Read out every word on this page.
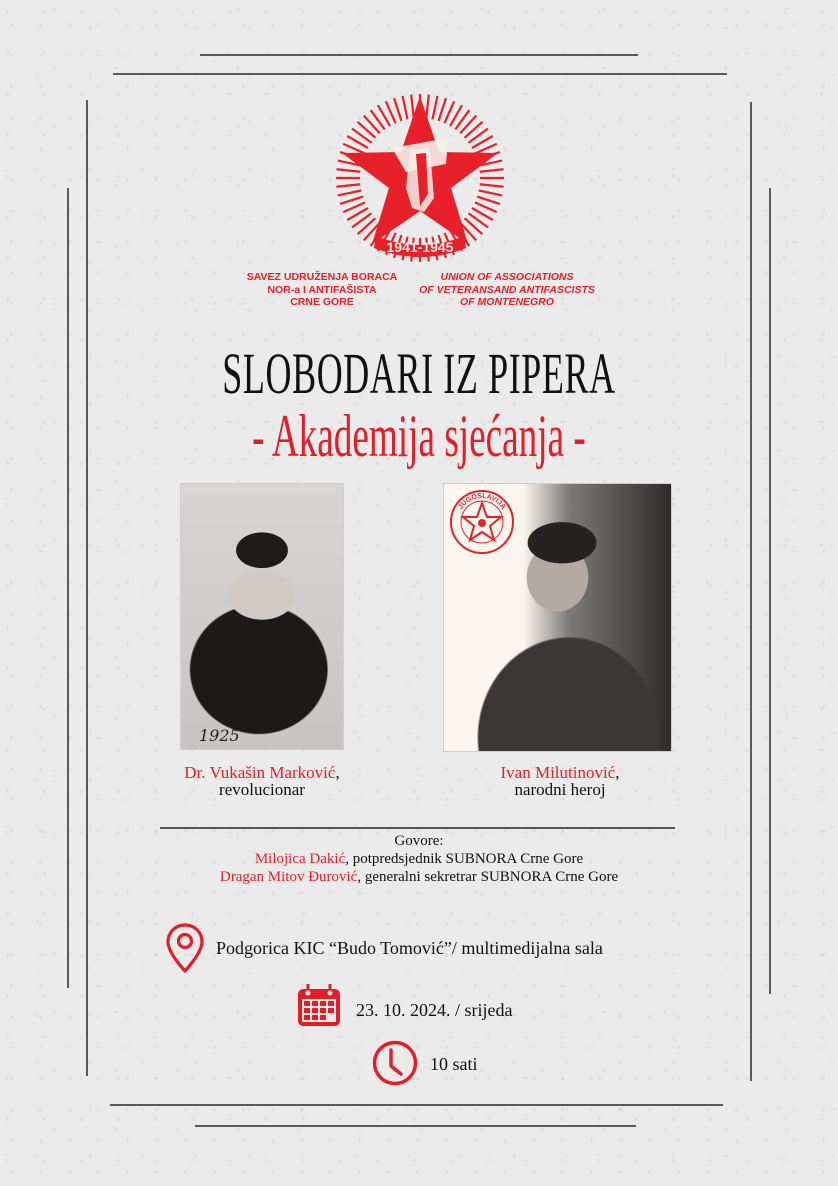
1941-1945
SAVEZ UDRUŽENJA BORACA
NOR-a I ANTIFAŠISTA
CRNE GORE
UNION OF ASSOCIATIONS
OF VETERANSAND ANTIFASCISTS
OF MONTENEGRO
SLOBODARI IZ PIPERA
- Akademija sjećanja -
1925
JUGOSLAVIJA
Dr. Vukašin Marković,
revolucionar
Ivan Milutinović,
narodni heroj
Govore:
Milojica Dakić, potpredsjednik SUBNORA Crne Gore
Dragan Mitov Đurović, generalni sekretrar SUBNORA Crne Gore
Podgorica KIC “Budo Tomović”/ multimedijalna sala
23. 10. 2024. / srijeda
10 sati
